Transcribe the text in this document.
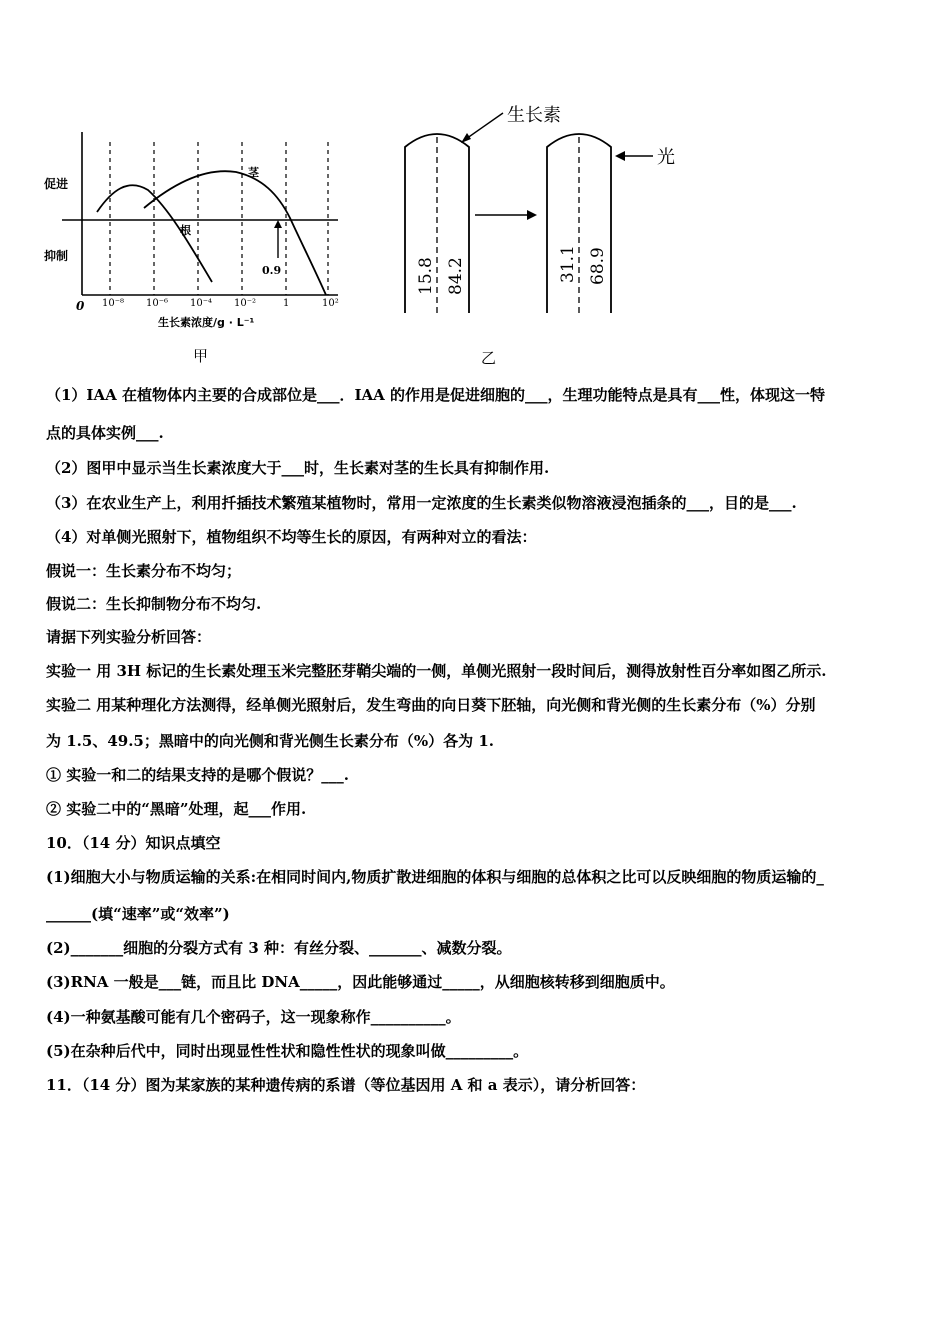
促进
抑制
0 10⁻⁸ 10⁻⁶ 10⁻⁴ 10⁻²	1	10²
生长素浓度/g · L⁻¹
茎
根
0.9
甲
生长素
15.8 84.2
光
31.1 68.9
乙
（1）IAA 在植物体内主要的合成部位是___．IAA 的作用是促进细胞的___，生理功能特点是具有___性，体现这一特
点的具体实例___.
（2）图甲中显示当生长素浓度大于___时，生长素对茎的生长具有抑制作用.
（3）在农业生产上，利用扦插技术繁殖某植物时，常用一定浓度的生长素类似物溶液浸泡插条的___，目的是___.
（4）对单侧光照射下，植物组织不均等生长的原因，有两种对立的看法：
假说一：生长素分布不均匀；
假说二：生长抑制物分布不均匀.
请据下列实验分析回答：
实验一 用 3H 标记的生长素处理玉米完整胚芽鞘尖端的一侧，单侧光照射一段时间后，测得放射性百分率如图乙所示.
实验二 用某种理化方法测得，经单侧光照射后，发生弯曲的向日葵下胚轴，向光侧和背光侧的生长素分布（%）分别
为 1.5、49.5；黑暗中的向光侧和背光侧生长素分布（%）各为 1.
① 实验一和二的结果支持的是哪个假说？___.
② 实验二中的“黑暗”处理，起___作用.
10．（14 分）知识点填空
(1)细胞大小与物质运输的关系:在相同时间内,物质扩散进细胞的体积与细胞的总体积之比可以反映细胞的物质运输的_
______(填“速率”或“效率”)
(2)_______细胞的分裂方式有 3 种：有丝分裂、_______、减数分裂。
(3)RNA 一般是___链，而且比 DNA_____，因此能够通过_____，从细胞核转移到细胞质中。
(4)一种氨基酸可能有几个密码子，这一现象称作__________。
(5)在杂种后代中，同时出现显性性状和隐性性状的现象叫做_________。
11．（14 分）图为某家族的某种遗传病的系谱（等位基因用 A 和 a 表示），请分析回答：
